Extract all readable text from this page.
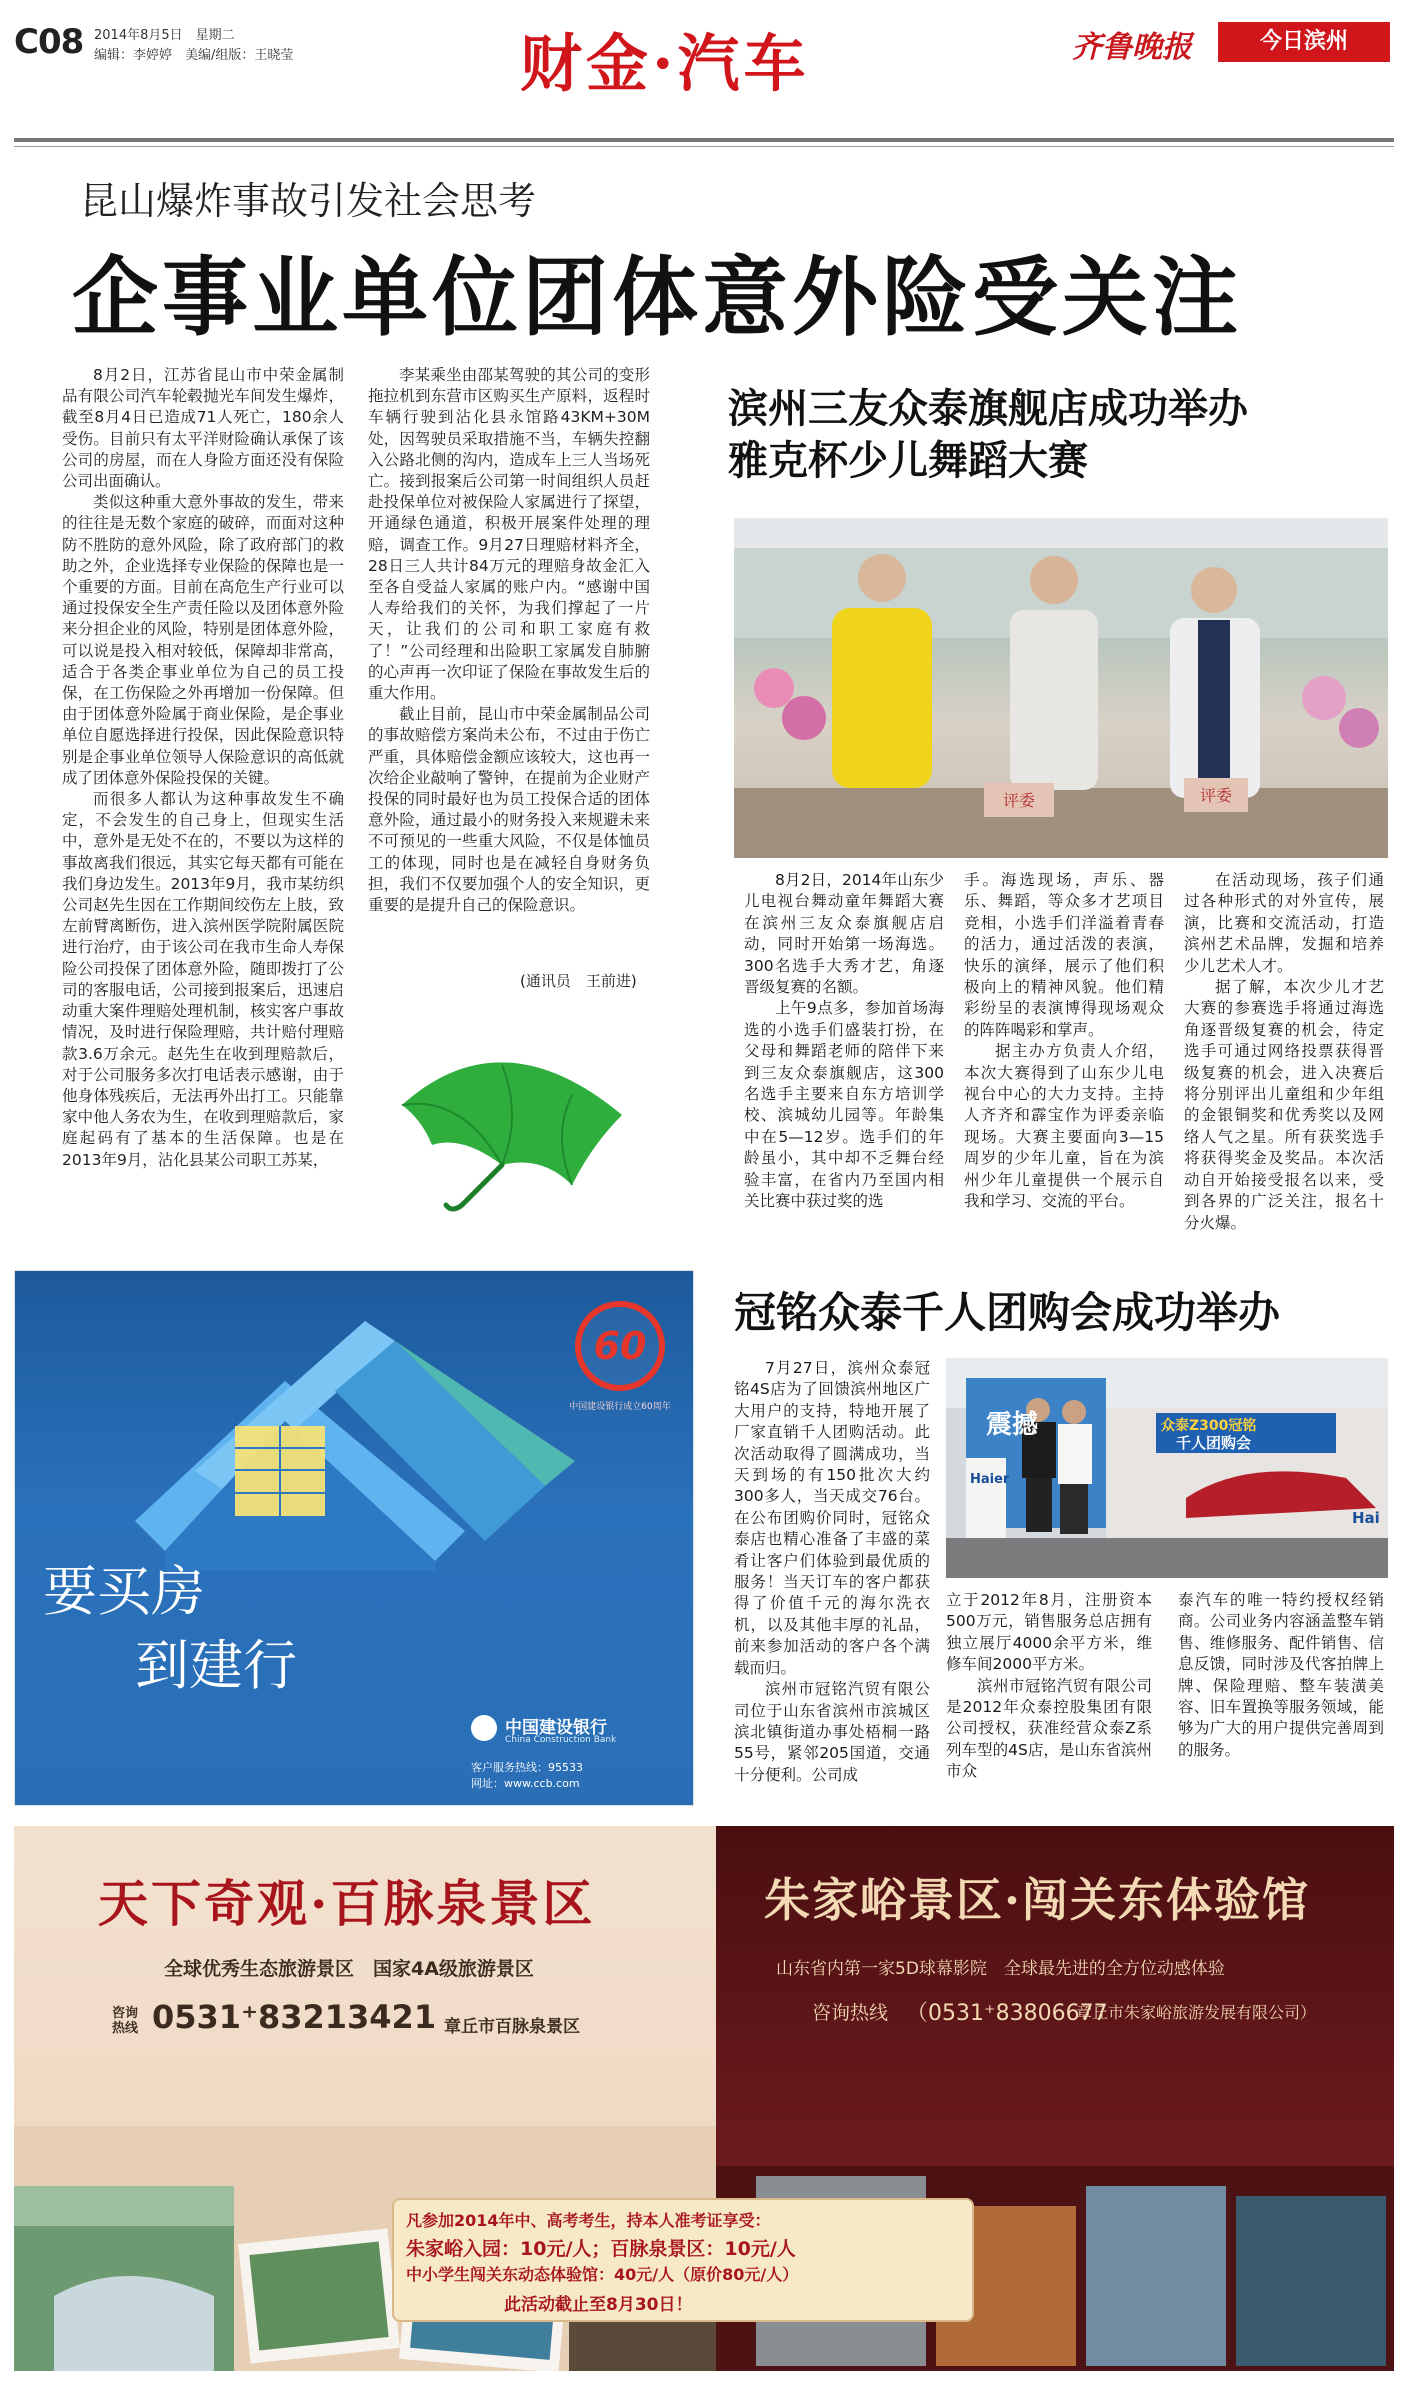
C08 2014年8月5日　星期二
编辑：李婷婷　美编/组版：王晓莹	财金·汽车	齐鲁晚报	今日滨州
昆山爆炸事故引发社会思考
企事业单位团体意外险受关注

8月2日，江苏省昆山市中荣金属制品有限公司汽车轮毂抛光车间发生爆炸，截至8月4日已造成71人死亡，180余人受伤。目前只有太平洋财险确认承保了该公司的房屋，而在人身险方面还没有保险公司出面确认。

类似这种重大意外事故的发生，带来的往往是无数个家庭的破碎，而面对这种防不胜防的意外风险，除了政府部门的救助之外，企业选择专业保险的保障也是一个重要的方面。目前在高危生产行业可以通过投保安全生产责任险以及团体意外险来分担企业的风险，特别是团体意外险，可以说是投入相对较低，保障却非常高，适合于各类企事业单位为自己的员工投保，在工伤保险之外再增加一份保障。但由于团体意外险属于商业保险，是企事业单位自愿选择进行投保，因此保险意识特别是企事业单位领导人保险意识的高低就成了团体意外保险投保的关键。

而很多人都认为这种事故发生不确定，不会发生的自己身上，但现实生活中，意外是无处不在的，不要以为这样的事故离我们很远，其实它每天都有可能在我们身边发生。2013年9月，我市某纺织公司赵先生因在工作期间绞伤左上肢，致左前臂离断伤，进入滨州医学院附属医院进行治疗，由于该公司在我市生命人寿保险公司投保了团体意外险，随即拨打了公司的客服电话，公司接到报案后，迅速启动重大案件理赔处理机制，核实客户事故情况，及时进行保险理赔，共计赔付理赔款3.6万余元。赵先生在收到理赔款后，对于公司服务多次打电话表示感谢，由于他身体残疾后，无法再外出打工。只能靠家中他人务农为生，在收到理赔款后，家庭起码有了基本的生活保障。也是在2013年9月，沾化县某公司职工苏某，

李某乘坐由邵某驾驶的其公司的变形拖拉机到东营市区购买生产原料，返程时车辆行驶到沾化县永馆路43KM+30M处，因驾驶员采取措施不当，车辆失控翻入公路北侧的沟内，造成车上三人当场死亡。接到报案后公司第一时间组织人员赶赴投保单位对被保险人家属进行了探望，开通绿色通道，积极开展案件处理的理赔，调查工作。9月27日理赔材料齐全，28日三人共计84万元的理赔身故金汇入至各自受益人家属的账户内。“感谢中国人寿给我们的关怀，为我们撑起了一片天，让我们的公司和职工家庭有救了！”公司经理和出险职工家属发自肺腑的心声再一次印证了保险在事故发生后的重大作用。

截止目前，昆山市中荣金属制品公司的事故赔偿方案尚未公布，不过由于伤亡严重，具体赔偿金额应该较大，这也再一次给企业敲响了警钟，在提前为企业财产投保的同时最好也为员工投保合适的团体意外险，通过最小的财务投入来规避未来不可预见的一些重大风险，不仅是体恤员工的体现，同时也是在减轻自身财务负担，我们不仅要加强个人的安全知识，更重要的是提升自己的保险意识。

(通讯员　王前进)
滨州三友众泰旗舰店成功举办
雅克杯少儿舞蹈大赛
评委	评委

8月2日，2014年山东少儿电视台舞动童年舞蹈大赛在滨州三友众泰旗舰店启动，同时开始第一场海选。300名选手大秀才艺，角逐晋级复赛的名额。

上午9点多，参加首场海选的小选手们盛装打扮，在父母和舞蹈老师的陪伴下来到三友众泰旗舰店，这300名选手主要来自东方培训学校、滨城幼儿园等。年龄集中在5—12岁。选手们的年龄虽小，其中却不乏舞台经验丰富，在省内乃至国内相关比赛中获过奖的选

手。海选现场，声乐、器乐、舞蹈，等众多才艺项目竞相，小选手们洋溢着青春的活力，通过活泼的表演，快乐的演绎，展示了他们积极向上的精神风貌。他们精彩纷呈的表演博得现场观众的阵阵喝彩和掌声。

据主办方负责人介绍，本次大赛得到了山东少儿电视台中心的大力支持。主持人齐齐和霹宝作为评委亲临现场。大赛主要面向3—15周岁的少年儿童，旨在为滨州少年儿童提供一个展示自我和学习、交流的平台。

在活动现场，孩子们通过各种形式的对外宣传，展演，比赛和交流活动，打造滨州艺术品牌，发掘和培养少儿艺术人才。

据了解，本次少儿才艺大赛的参赛选手将通过海选角逐晋级复赛的机会，待定选手可通过网络投票获得晋级复赛的机会，进入决赛后将分别评出儿童组和少年组的金银铜奖和优秀奖以及网络人气之星。所有获奖选手将获得奖金及奖品。本次活动自开始接受报名以来，受到各界的广泛关注，报名十分火爆。

要买房
到建行
60
中国建设银行成立60周年
中国建设银行
China Construction Bank
客户服务热线：95533
网址：www.ccb.com
冠铭众泰千人团购会成功举办

7月27日，滨州众泰冠铭4S店为了回馈滨州地区广大用户的支持，特地开展了厂家直销千人团购活动。此次活动取得了圆满成功，当天到场的有150批次大约300多人，当天成交76台。在公布团购价同时，冠铭众泰店也精心准备了丰盛的菜肴让客户们体验到最优质的服务！当天订车的客户都获得了价值千元的海尔洗衣机，以及其他丰厚的礼品，前来参加活动的客户各个满载而归。

滨州市冠铭汽贸有限公司位于山东省滨州市滨城区滨北镇街道办事处梧桐一路55号，紧邻205国道，交通十分便利。公司成

震撼	众泰Z300冠铭
千人团购会
Haier
Hai

立于2012年8月，注册资本500万元，销售服务总店拥有独立展厅4000余平方米，维修车间2000平方米。

滨州市冠铭汽贸有限公司是2012年众泰控股集团有限公司授权，获准经营众泰Z系列车型的4S店，是山东省滨州市众

泰汽车的唯一特约授权经销商。公司业务内容涵盖整车销售、维修服务、配件销售、信息反馈，同时涉及代客拍牌上牌、保险理赔、整车装潢美容、旧车置换等服务领域，能够为广大的用户提供完善周到的服务。

天下奇观·百脉泉景区
全球优秀生态旅游景区　国家4A级旅游景区
咨询热线 0531⁺83213421 章丘市百脉泉景区
朱家峪景区·闯关东体验馆
山东省内第一家5D球幕影院　全球最先进的全方位动感体验
咨询热线 （0531⁺83806677
章丘市朱家峪旅游发展有限公司）
凡参加2014年中、高考考生，持本人准考证享受：
朱家峪入园：10元/人；百脉泉景区：10元/人
中小学生闯关东动态体验馆：40元/人（原价80元/人）
此活动截止至8月30日！
